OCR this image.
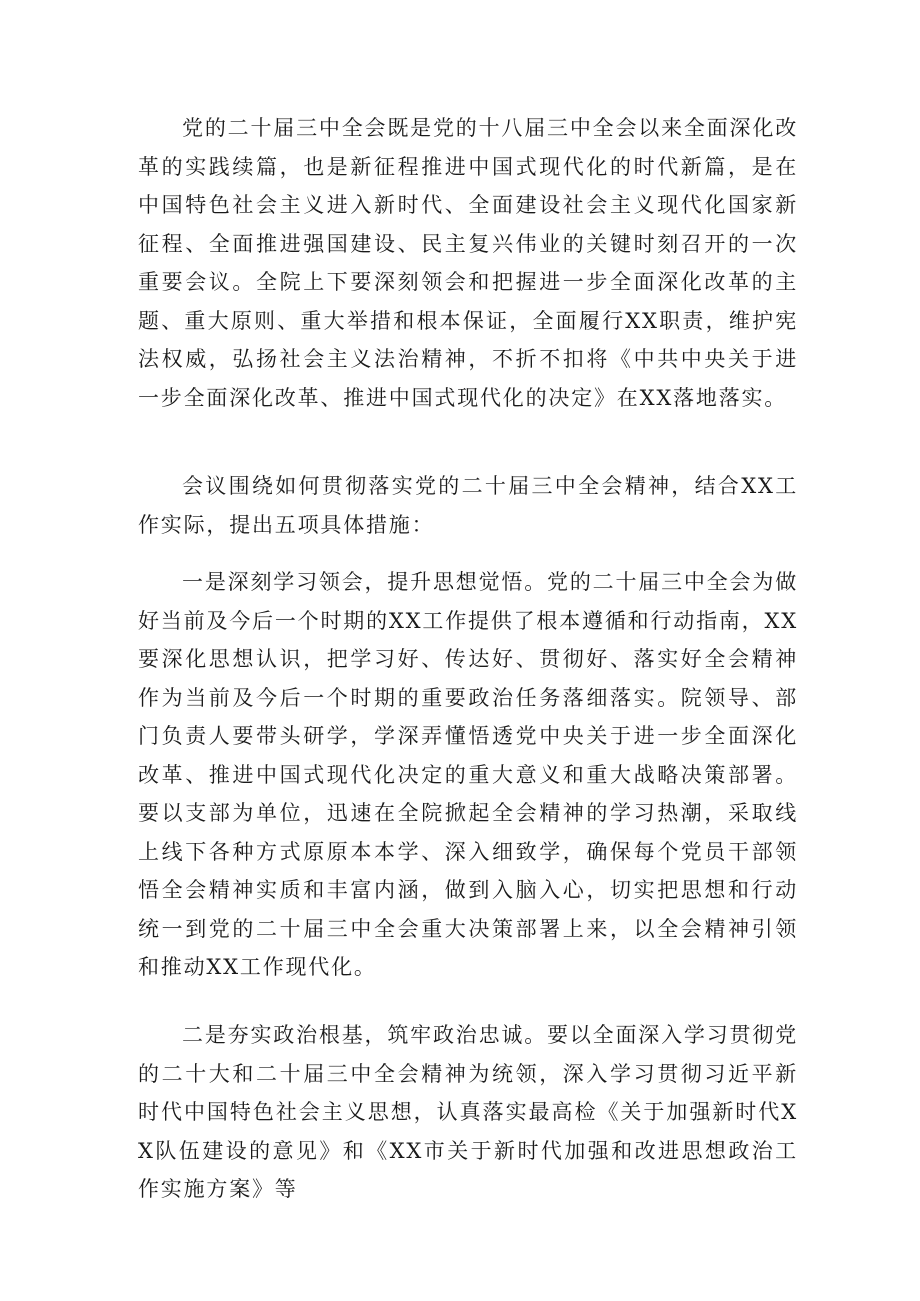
党的二十届三中全会既是党的十八届三中全会以来全面深化改革的实践续篇，也是新征程推进中国式现代化的时代新篇，是在中国特色社会主义进入新时代、全面建设社会主义现代化国家新征程、全面推进强国建设、民主复兴伟业的关键时刻召开的一次重要会议。全院上下要深刻领会和把握进一步全面深化改革的主题、重大原则、重大举措和根本保证，全面履行XX职责，维护宪法权威，弘扬社会主义法治精神，不折不扣将《中共中央关于进一步全面深化改革、推进中国式现代化的决定》在XX落地落实。

会议围绕如何贯彻落实党的二十届三中全会精神，结合XX工作实际，提出五项具体措施：

一是深刻学习领会，提升思想觉悟。党的二十届三中全会为做好当前及今后一个时期的XX工作提供了根本遵循和行动指南，XX要深化思想认识，把学习好、传达好、贯彻好、落实好全会精神作为当前及今后一个时期的重要政治任务落细落实。院领导、部门负责人要带头研学，学深弄懂悟透党中央关于进一步全面深化改革、推进中国式现代化决定的重大意义和重大战略决策部署。要以支部为单位，迅速在全院掀起全会精神的学习热潮，采取线上线下各种方式原原本本学、深入细致学，确保每个党员干部领悟全会精神实质和丰富内涵，做到入脑入心，切实把思想和行动统一到党的二十届三中全会重大决策部署上来，以全会精神引领和推动XX工作现代化。

二是夯实政治根基，筑牢政治忠诚。要以全面深入学习贯彻党的二十大和二十届三中全会精神为统领，深入学习贯彻习近平新时代中国特色社会主义思想，认真落实最高检《关于加强新时代XX队伍建设的意见》和《XX市关于新时代加强和改进思想政治工作实施方案》等
